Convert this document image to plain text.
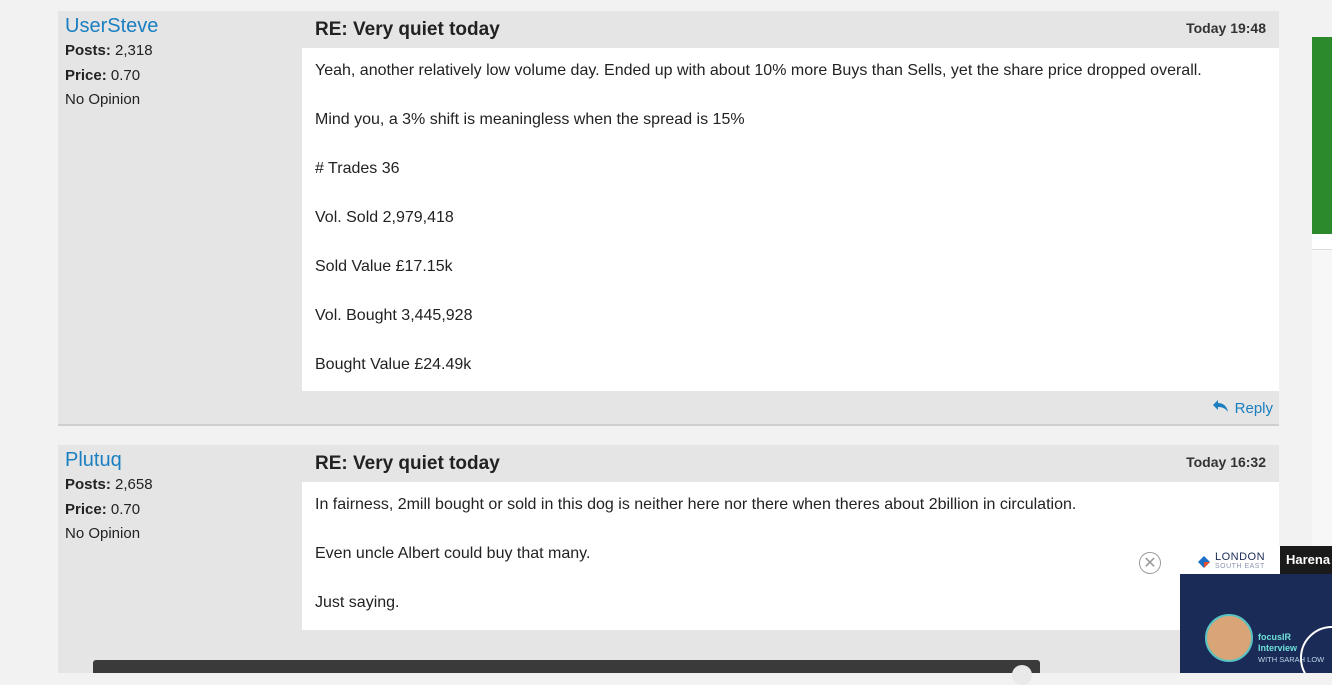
UserSteve
Posts: 2,318
Price: 0.70
No Opinion
RE: Very quiet today	Today 19:48

Yeah, another relatively low volume day. Ended up with about 10% more Buys than Sells, yet the share price dropped overall.

Mind you, a 3% shift is meaningless when the spread is 15%

# Trades 36

Vol. Sold 2,979,418

Sold Value £17.15k

Vol. Bought 3,445,928

Bought Value £24.49k

Reply
Plutuq
Posts: 2,658
Price: 0.70
No Opinion
RE: Very quiet today	Today 16:32

In fairness, 2mill bought or sold in this dog is neither here nor there when theres about 2billion in circulation.

Even uncle Albert could buy that many.

Just saying.

LONDON
SOUTH EAST	Harena
focusIR Interview
WITH SARAH LOW
✕
